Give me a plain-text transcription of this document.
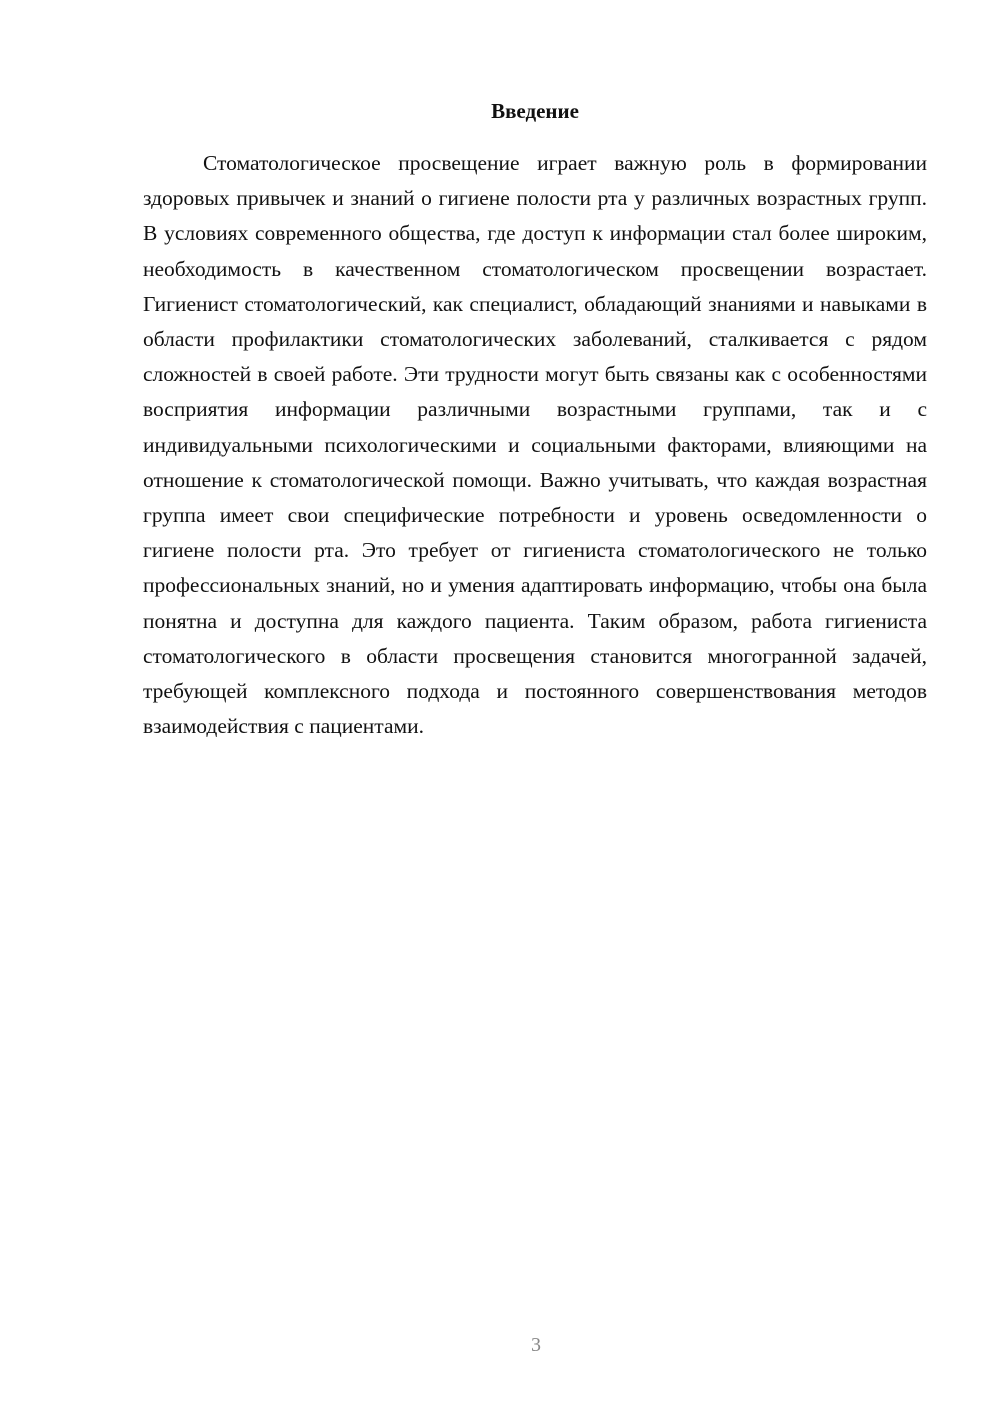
Введение

Стоматологическое просвещение играет важную роль в формировании здоровых привычек и знаний о гигиене полости рта у различных возрастных групп. В условиях современного общества, где доступ к информации стал более широким, необходимость в качественном стоматологическом просвещении возрастает. Гигиенист стоматологический, как специалист, обладающий знаниями и навыками в области профилактики стоматологических заболеваний, сталкивается с рядом сложностей в своей работе. Эти трудности могут быть связаны как с особенностями восприятия информации различными возрастными группами, так и с индивидуальными психологическими и социальными факторами, влияющими на отношение к стоматологической помощи. Важно учитывать, что каждая возрастная группа имеет свои специфические потребности и уровень осведомленности о гигиене полости рта. Это требует от гигиениста стоматологического не только профессиональных знаний, но и умения адаптировать информацию, чтобы она была понятна и доступна для каждого пациента. Таким образом, работа гигиениста стоматологического в области просвещения становится многогранной задачей, требующей комплексного подхода и постоянного совершенствования методов взаимодействия с пациентами.

3
